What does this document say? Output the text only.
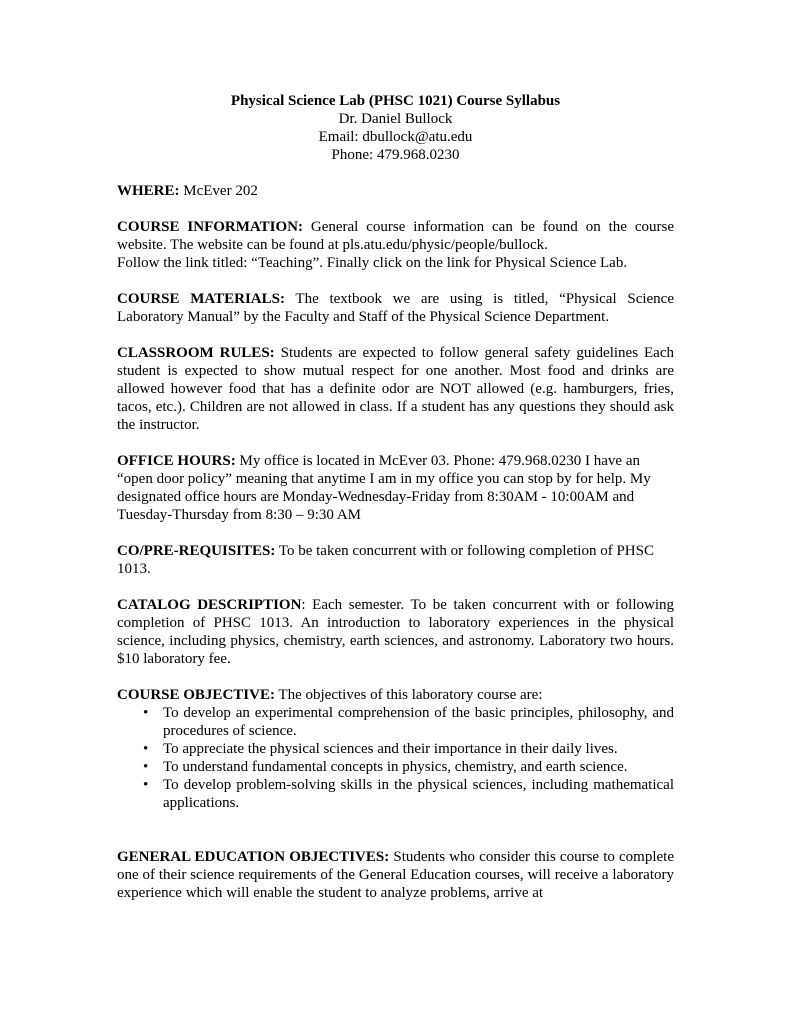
Physical Science Lab (PHSC 1021) Course Syllabus
Dr. Daniel Bullock
Email: dbullock@atu.edu
Phone: 479.968.0230

WHERE: McEver 202

COURSE INFORMATION: General course information can be found on the course website. The website can be found at pls.atu.edu/physic/people/bullock.

Follow the link titled: “Teaching”. Finally click on the link for Physical Science Lab.

COURSE MATERIALS: The textbook we are using is titled, “Physical Science Laboratory Manual” by the Faculty and Staff of the Physical Science Department.

CLASSROOM RULES: Students are expected to follow general safety guidelines Each student is expected to show mutual respect for one another. Most food and drinks are allowed however food that has a definite odor are NOT allowed (e.g. hamburgers, fries, tacos, etc.). Children are not allowed in class. If a student has any questions they should ask the instructor.

OFFICE HOURS: My office is located in McEver 03. Phone: 479.968.0230 I have an “open door policy” meaning that anytime I am in my office you can stop by for help. My designated office hours are Monday-Wednesday-Friday from 8:30AM - 10:00AM and Tuesday-Thursday from 8:30 – 9:30 AM

CO/PRE-REQUISITES: To be taken concurrent with or following completion of PHSC 1013.

CATALOG DESCRIPTION: Each semester. To be taken concurrent with or following completion of PHSC 1013. An introduction to laboratory experiences in the physical science, including physics, chemistry, earth sciences, and astronomy. Laboratory two hours. $10 laboratory fee.

COURSE OBJECTIVE: The objectives of this laboratory course are:

• To develop an experimental comprehension of the basic principles, philosophy, and procedures of science.
• To appreciate the physical sciences and their importance in their daily lives.
• To understand fundamental concepts in physics, chemistry, and earth science.
• To develop problem-solving skills in the physical sciences, including mathematical applications.

GENERAL EDUCATION OBJECTIVES: Students who consider this course to complete one of their science requirements of the General Education courses, will receive a laboratory experience which will enable the student to analyze problems, arrive at
